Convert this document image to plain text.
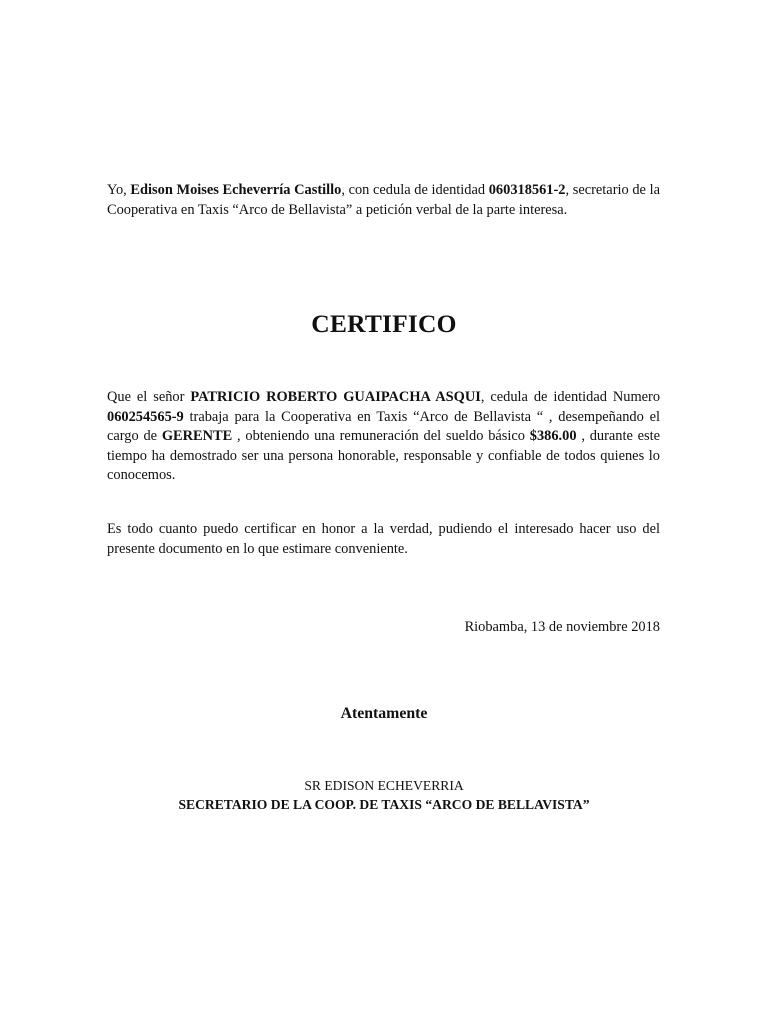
Yo, Edison Moises Echeverría Castillo, con cedula de identidad 060318561-2, secretario de la Cooperativa en Taxis “Arco de Bellavista” a petición verbal de la parte interesa.

CERTIFICO

Que el señor PATRICIO ROBERTO GUAIPACHA ASQUI, cedula de identidad Numero 060254565-9 trabaja para la Cooperativa en Taxis “Arco de Bellavista “ , desempeñando el cargo de GERENTE , obteniendo una remuneración del sueldo básico $386.00 , durante este tiempo ha demostrado ser una persona honorable, responsable y confiable de todos quienes lo conocemos.

Es todo cuanto puedo certificar en honor a la verdad, pudiendo el interesado hacer uso del presente documento en lo que estimare conveniente.

Riobamba, 13 de noviembre 2018

Atentamente

SR EDISON ECHEVERRIA
SECRETARIO DE LA COOP. DE TAXIS “ARCO DE BELLAVISTA”
